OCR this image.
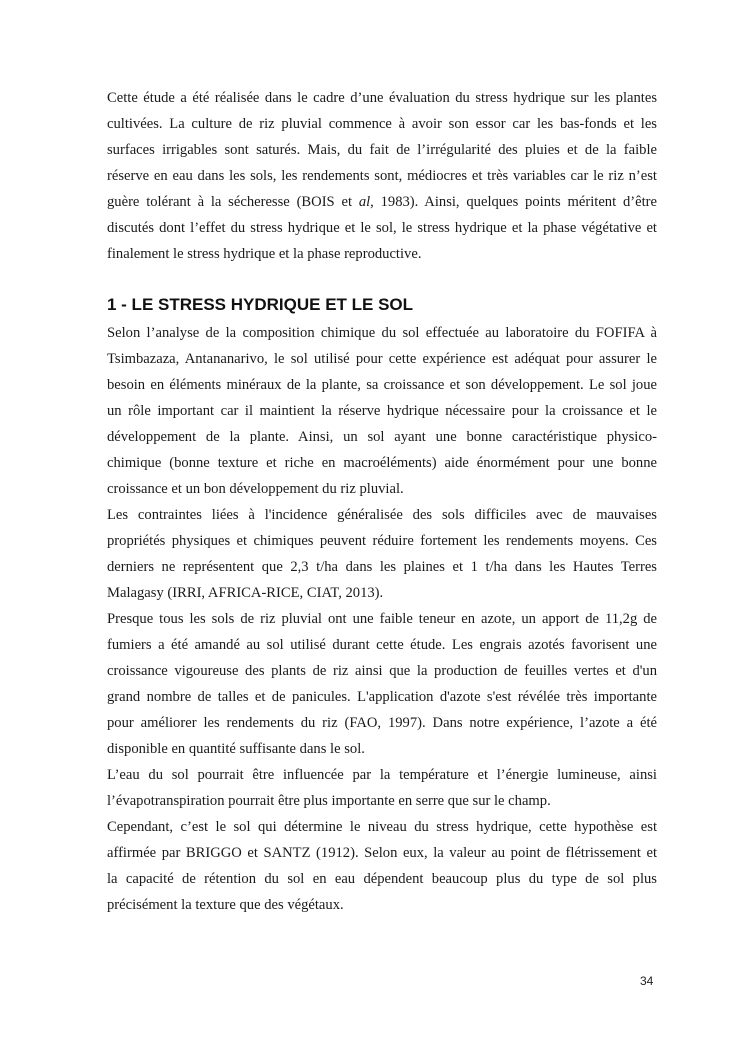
Cette étude a été réalisée dans le cadre d’une évaluation du stress hydrique sur les plantes
cultivées. La culture de riz pluvial commence à avoir son essor car les bas-fonds et les
surfaces irrigables sont saturés. Mais, du fait de l’irrégularité des pluies et de la faible
réserve en eau dans les sols, les rendements sont, médiocres et très variables car le riz n’est
guère tolérant à la sécheresse (BOIS et al, 1983). Ainsi, quelques points méritent d’être
discutés dont l’effet du stress hydrique et le sol, le stress hydrique et la phase végétative et
finalement le stress hydrique et la phase reproductive.
1 - LE STRESS HYDRIQUE ET LE SOL
Selon l’analyse de la composition chimique du sol effectuée au laboratoire du FOFIFA à
Tsimbazaza, Antananarivo, le sol utilisé pour cette expérience est adéquat pour assurer le
besoin en éléments minéraux de la plante, sa croissance et son développement. Le sol joue
un rôle important car il maintient la réserve hydrique nécessaire pour la croissance et le
développement de la plante. Ainsi, un sol ayant une bonne caractéristique physico-
chimique (bonne texture et riche en macroéléments) aide énormément pour une bonne
croissance et un bon développement du riz pluvial.
Les contraintes liées à l'incidence généralisée des sols difficiles avec de mauvaises
propriétés physiques et chimiques peuvent réduire fortement les rendements moyens. Ces
derniers ne représentent que 2,3 t/ha dans les plaines et 1 t/ha dans les Hautes Terres
Malagasy (IRRI, AFRICA-RICE, CIAT, 2013).
Presque tous les sols de riz pluvial ont une faible teneur en azote, un apport de 11,2g de
fumiers a été amandé au sol utilisé durant cette étude. Les engrais azotés favorisent une
croissance vigoureuse des plants de riz ainsi que la production de feuilles vertes et d'un
grand nombre de talles et de panicules. L'application d'azote s'est révélée très importante
pour améliorer les rendements du riz (FAO, 1997). Dans notre expérience, l’azote a été
disponible en quantité suffisante dans le sol.
L’eau du sol pourrait être influencée par la température et l’énergie lumineuse, ainsi
l’évapotranspiration pourrait être plus importante en serre que sur le champ.
Cependant, c’est le sol qui détermine le niveau du stress hydrique, cette hypothèse est
affirmée par BRIGGO et SANTZ (1912). Selon eux, la valeur au point de flétrissement et
la capacité de rétention du sol en eau dépendent beaucoup plus du type de sol plus
précisément la texture que des végétaux.
34
